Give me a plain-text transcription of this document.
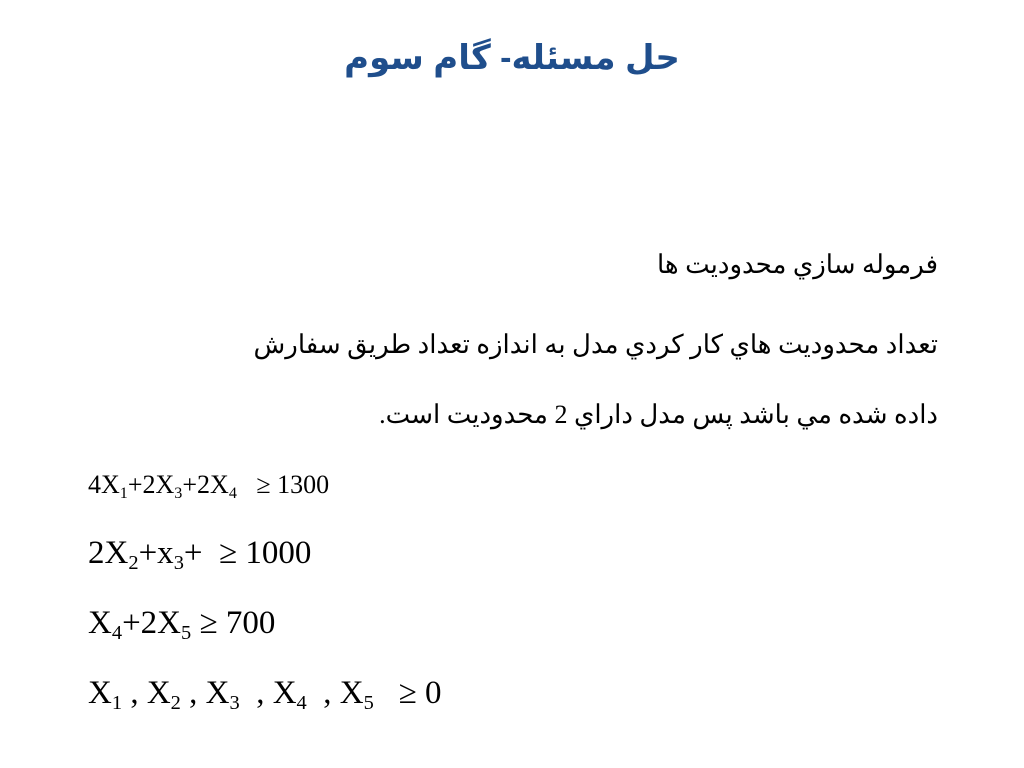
حل مسئله- گام سوم
فرموله سازي محدوديت ها
تعداد محدوديت هاي كار كردي مدل به اندازه تعداد طريق سفارش
داده شده مي باشد پس مدل داراي 2 محدوديت است.
$4X_1+2X_3+2X_4 \ge 1300$
$2X_2+x_3+ \ge 1000$
$X_4+2X_5 \ge 700$
$X_1$ , $X_2$ , $X_3$  , $X_4$  , $X_5 \ge 0$
